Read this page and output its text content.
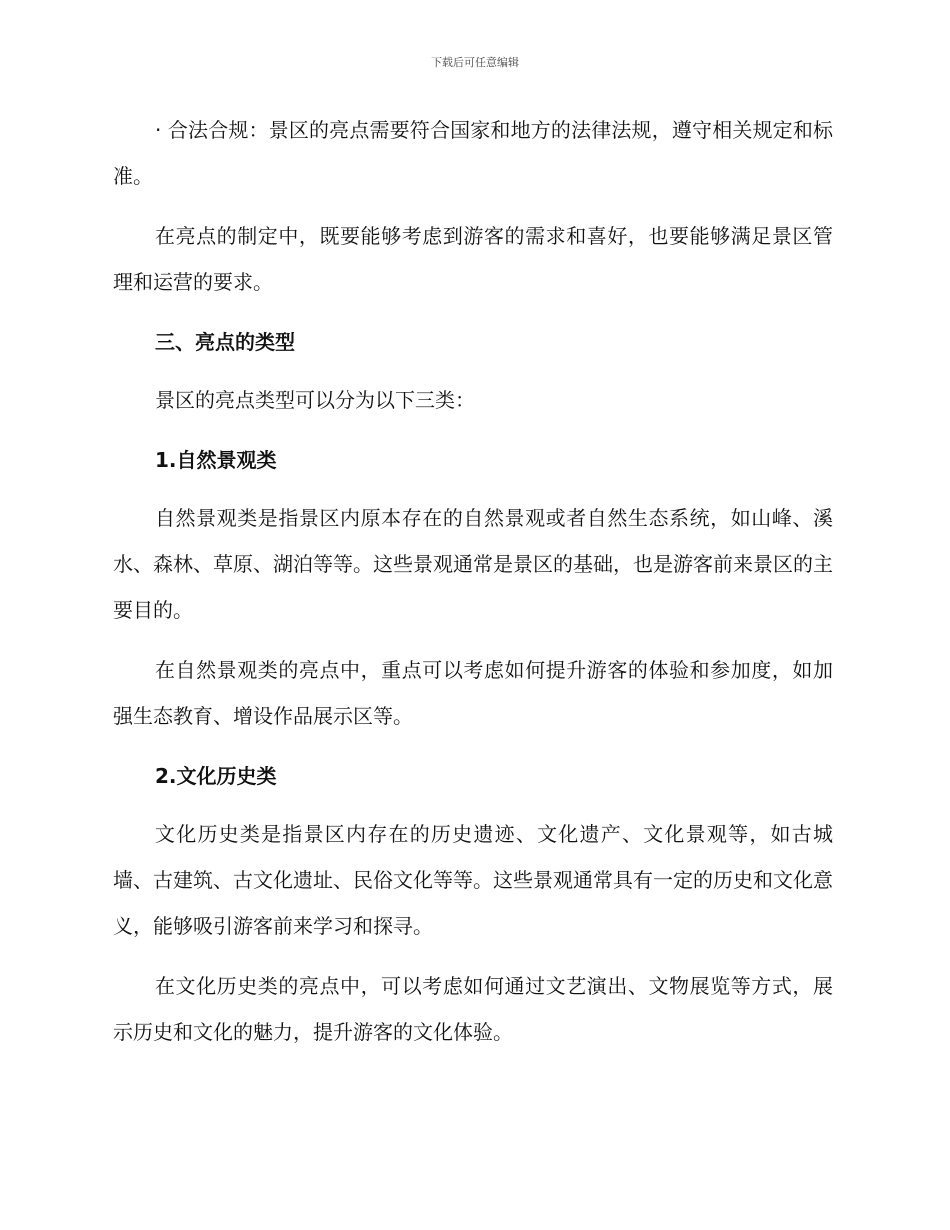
下载后可任意编辑

· 合法合规：景区的亮点需要符合国家和地方的法律法规，遵守相关规定和标准。

在亮点的制定中，既要能够考虑到游客的需求和喜好，也要能够满足景区管理和运营的要求。

三、亮点的类型

景区的亮点类型可以分为以下三类：

1.自然景观类

自然景观类是指景区内原本存在的自然景观或者自然生态系统，如山峰、溪水、森林、草原、湖泊等等。这些景观通常是景区的基础，也是游客前来景区的主要目的。

在自然景观类的亮点中，重点可以考虑如何提升游客的体验和参加度，如加强生态教育、增设作品展示区等。

2.文化历史类

文化历史类是指景区内存在的历史遗迹、文化遗产、文化景观等，如古城墙、古建筑、古文化遗址、民俗文化等等。这些景观通常具有一定的历史和文化意义，能够吸引游客前来学习和探寻。

在文化历史类的亮点中，可以考虑如何通过文艺演出、文物展览等方式，展示历史和文化的魅力，提升游客的文化体验。
